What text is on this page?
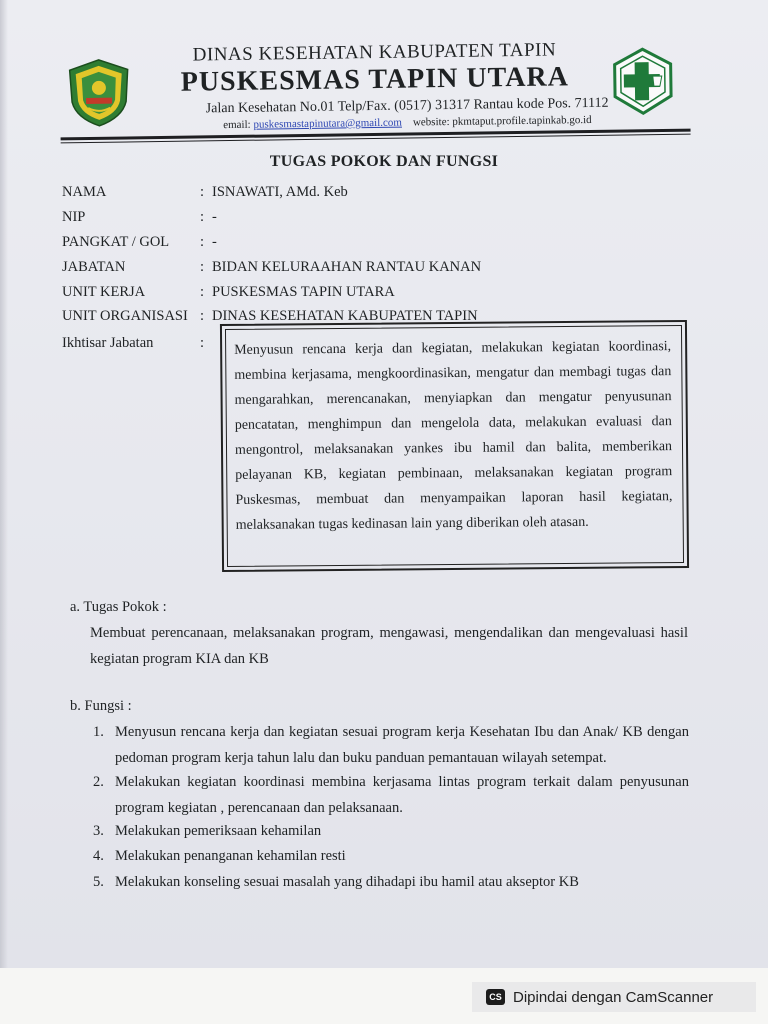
DINAS KESEHATAN KABUPATEN TAPIN
PUSKESMAS TAPIN UTARA
Jalan Kesehatan No.01 Telp/Fax. (0517) 31317 Rantau kode Pos. 71112
email: puskesmastapinutara@gmail.com website: pkmtaput.profile.tapinkab.go.id
TUGAS POKOK DAN FUNGSI
NAMA	: ISNAWATI, AMd. Keb
NIP	: -
PANGKAT / GOL : -
JABATAN	: BIDAN KELURAAHAN RANTAU KANAN
UNIT KERJA	: PUSKESMAS TAPIN UTARA
UNIT ORGANISASI : DINAS KESEHATAN KABUPATEN TAPIN
Ikhtisar Jabatan	:	Menyusun rencana kerja dan kegiatan, melakukan kegiatan koordinasi, membina kerjasama, mengkoordinasikan, mengatur dan membagi tugas dan mengarahkan, merencanakan, menyiapkan dan mengatur penyusunan pencatatan, menghimpun dan mengelola data, melakukan evaluasi dan mengontrol, melaksanakan yankes ibu hamil dan balita, memberikan pelayanan KB, kegiatan pembinaan, melaksanakan kegiatan program Puskesmas, membuat dan menyampaikan laporan hasil kegiatan, melaksanakan tugas kedinasan lain yang diberikan oleh atasan.
a. Tugas Pokok :
Membuat perencanaan, melaksanakan program, mengawasi, mengendalikan dan mengevaluasi hasil kegiatan program KIA dan KB
b. Fungsi :
1. Menyusun rencana kerja dan kegiatan sesuai program kerja Kesehatan Ibu dan Anak/ KB dengan pedoman program kerja tahun lalu dan buku panduan pemantauan wilayah setempat.
2. Melakukan kegiatan koordinasi membina kerjasama lintas program terkait dalam penyusunan program kegiatan , perencanaan dan pelaksanaan.
3. Melakukan pemeriksaan kehamilan
4. Melakukan penanganan kehamilan resti
5. Melakukan konseling sesuai masalah yang dihadapi ibu hamil atau akseptor KB
CS Dipindai dengan CamScanner
